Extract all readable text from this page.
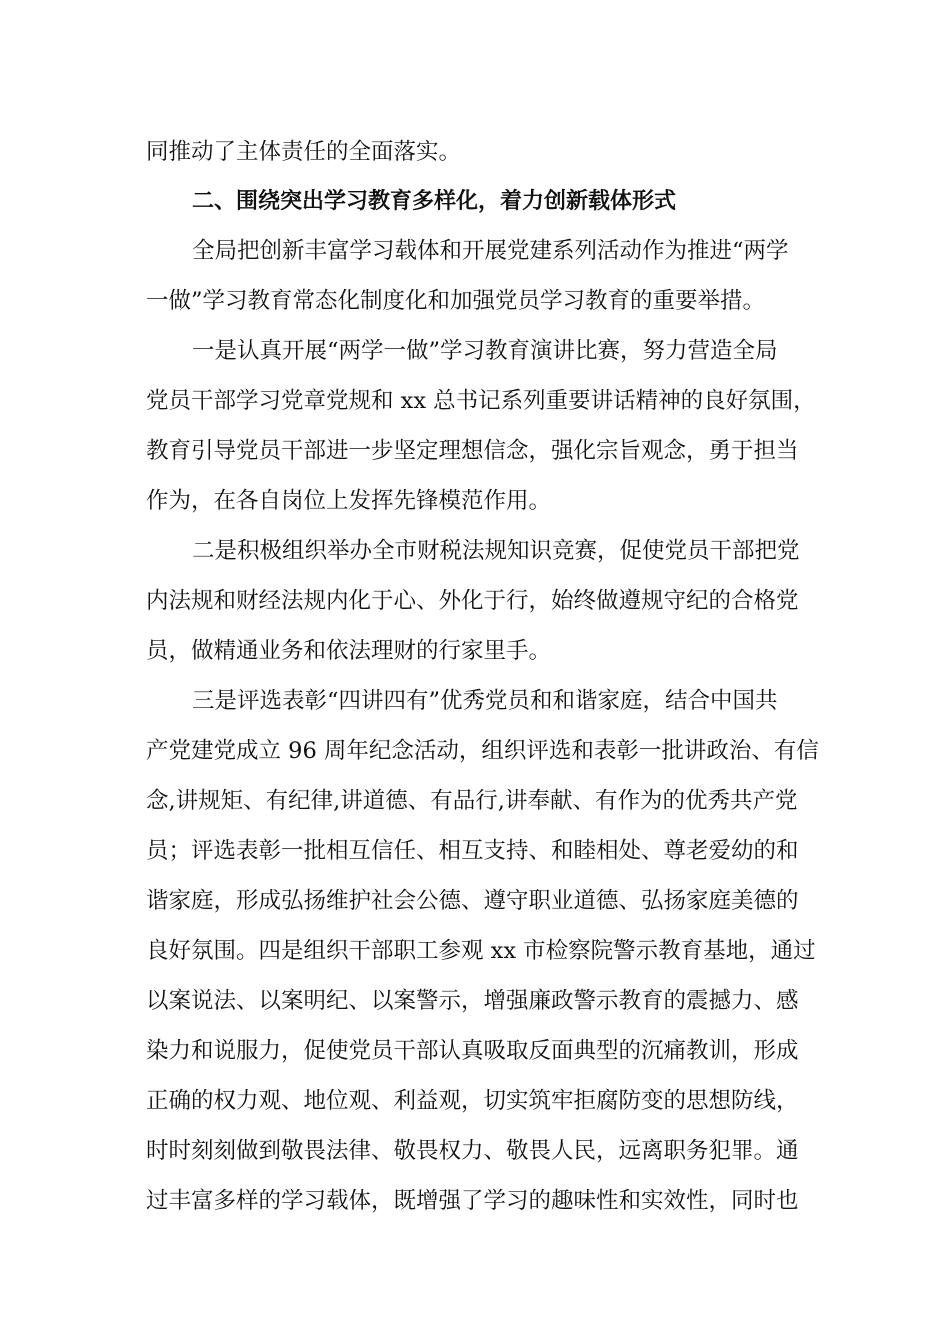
同推动了主体责任的全面落实。
二、围绕突出学习教育多样化，着力创新载体形式
全局把创新丰富学习载体和开展党建系列活动作为推进“两学
一做”学习教育常态化制度化和加强党员学习教育的重要举措。
一是认真开展“两学一做”学习教育演讲比赛，努力营造全局
党员干部学习党章党规和 xx 总书记系列重要讲话精神的良好氛围，
教育引导党员干部进一步坚定理想信念，强化宗旨观念，勇于担当
作为，在各自岗位上发挥先锋模范作用。
二是积极组织举办全市财税法规知识竞赛，促使党员干部把党
内法规和财经法规内化于心、外化于行，始终做遵规守纪的合格党
员，做精通业务和依法理财的行家里手。
三是评选表彰“四讲四有”优秀党员和和谐家庭，结合中国共
产党建党成立 96 周年纪念活动，组织评选和表彰一批讲政治、有信
念,讲规矩、有纪律,讲道德、有品行,讲奉献、有作为的优秀共产党
员；评选表彰一批相互信任、相互支持、和睦相处、尊老爱幼的和
谐家庭，形成弘扬维护社会公德、遵守职业道德、弘扬家庭美德的
良好氛围。四是组织干部职工参观 xx 市检察院警示教育基地，通过
以案说法、以案明纪、以案警示，增强廉政警示教育的震撼力、感
染力和说服力，促使党员干部认真吸取反面典型的沉痛教训，形成
正确的权力观、地位观、利益观，切实筑牢拒腐防变的思想防线，
时时刻刻做到敬畏法律、敬畏权力、敬畏人民，远离职务犯罪。通
过丰富多样的学习载体，既增强了学习的趣味性和实效性，同时也
